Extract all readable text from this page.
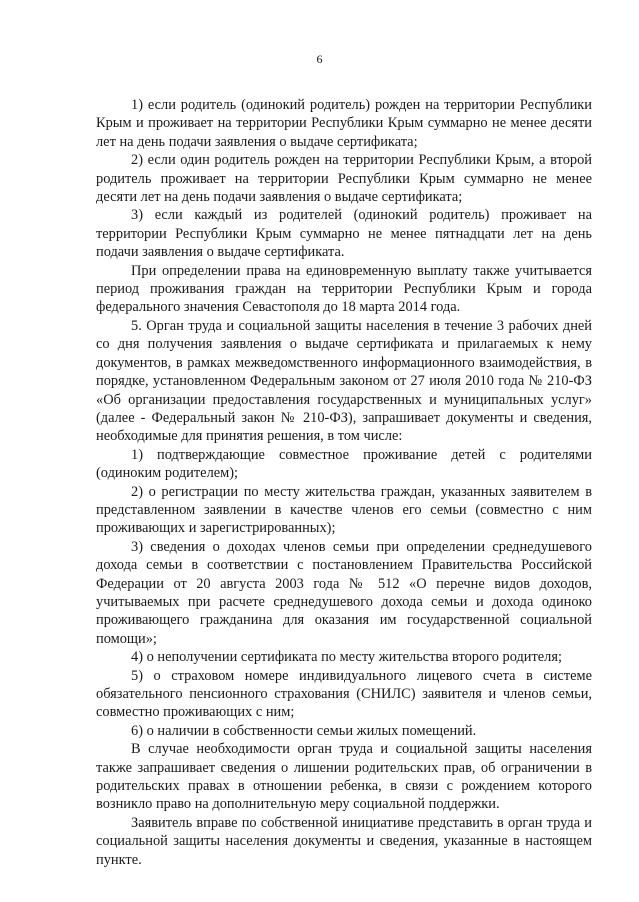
6

1) если родитель (одинокий родитель) рожден на территории Республики Крым и проживает на территории Республики Крым суммарно не менее десяти лет на день подачи заявления о выдаче сертификата;

2) если один родитель рожден на территории Республики Крым, а второй родитель проживает на территории Республики Крым суммарно не менее десяти лет на день подачи заявления о выдаче сертификата;

3) если каждый из родителей (одинокий родитель) проживает на территории Республики Крым суммарно не менее пятнадцати лет на день подачи заявления о выдаче сертификата.

При определении права на единовременную выплату также учитывается период проживания граждан на территории Республики Крым и города федерального значения Севастополя до 18 марта 2014 года.

5. Орган труда и социальной защиты населения в течение 3 рабочих дней со дня получения заявления о выдаче сертификата и прилагаемых к нему документов, в рамках межведомственного информационного взаимодействия, в порядке, установленном Федеральным законом от 27 июля 2010 года № 210-ФЗ «Об организации предоставления государственных и муниципальных услуг» (далее - Федеральный закон № 210-ФЗ), запрашивает документы и сведения, необходимые для принятия решения, в том числе:

1) подтверждающие совместное проживание детей с родителями (одиноким родителем);

2) о регистрации по месту жительства граждан, указанных заявителем в представленном заявлении в качестве членов его семьи (совместно с ним проживающих и зарегистрированных);

3) сведения о доходах членов семьи при определении среднедушевого дохода семьи в соответствии с постановлением Правительства Российской Федерации от 20 августа 2003 года № 512 «О перечне видов доходов, учитываемых при расчете среднедушевого дохода семьи и дохода одиноко проживающего гражданина для оказания им государственной социальной помощи»;

4) о неполучении сертификата по месту жительства второго родителя;

5) о страховом номере индивидуального лицевого счета в системе обязательного пенсионного страхования (СНИЛС) заявителя и членов семьи, совместно проживающих с ним;

6) о наличии в собственности семьи жилых помещений.

В случае необходимости орган труда и социальной защиты населения также запрашивает сведения о лишении родительских прав, об ограничении в родительских правах в отношении ребенка, в связи с рождением которого возникло право на дополнительную меру социальной поддержки.

Заявитель вправе по собственной инициативе представить в орган труда и социальной защиты населения документы и сведения, указанные в настоящем пункте.
